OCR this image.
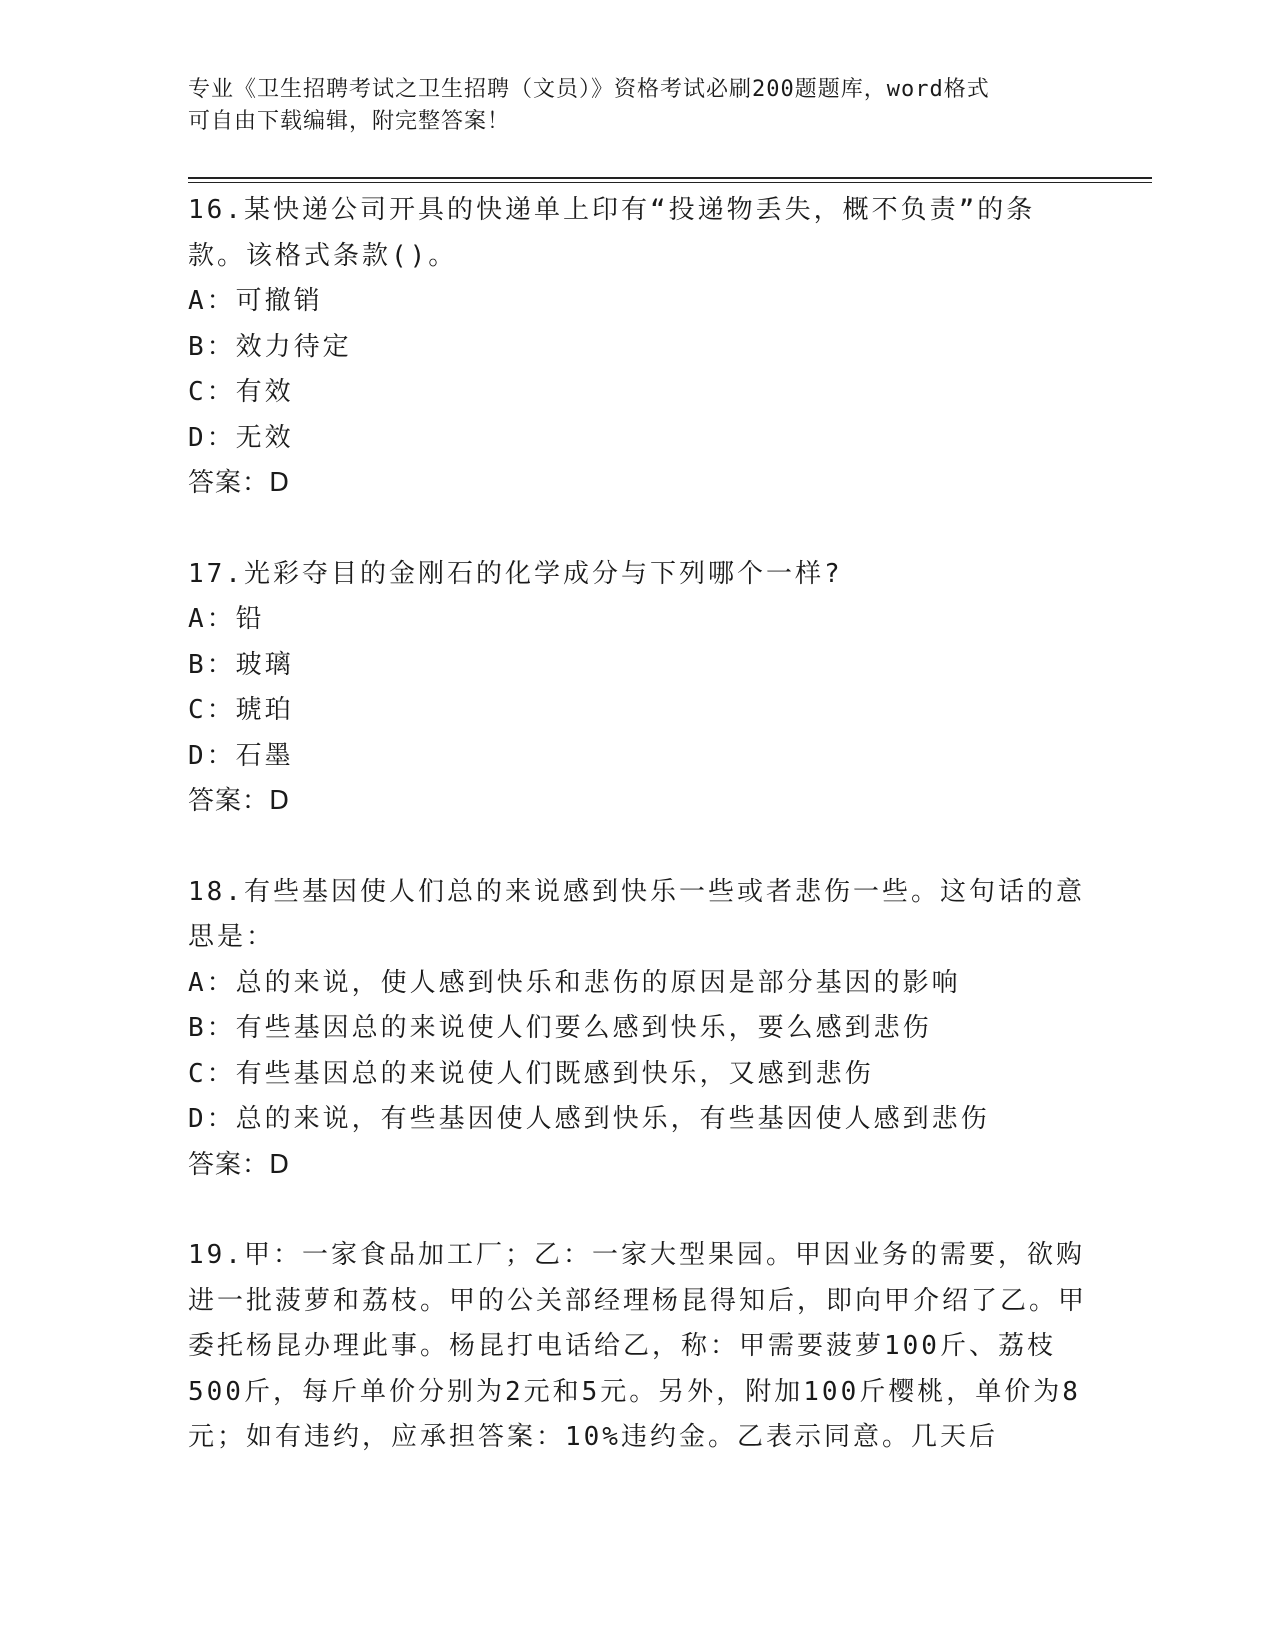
专业《卫生招聘考试之卫生招聘（文员）》资格考试必刷200题题库，word格式
可自由下载编辑，附完整答案！
16.某快递公司开具的快递单上印有“投递物丢失，概不负责”的条款。该格式条款()。
A：可撤销
B：效力待定
C：有效
D：无效
答案：D
17.光彩夺目的金刚石的化学成分与下列哪个一样?
A：铅
B：玻璃
C：琥珀
D：石墨
答案：D
18.有些基因使人们总的来说感到快乐一些或者悲伤一些。这句话的意思是：
A：总的来说，使人感到快乐和悲伤的原因是部分基因的影响
B：有些基因总的来说使人们要么感到快乐，要么感到悲伤
C：有些基因总的来说使人们既感到快乐，又感到悲伤
D：总的来说，有些基因使人感到快乐，有些基因使人感到悲伤
答案：D
19.甲：一家食品加工厂；乙：一家大型果园。甲因业务的需要，欲购进一批菠萝和荔枝。甲的公关部经理杨昆得知后，即向甲介绍了乙。甲委托杨昆办理此事。杨昆打电话给乙，称：甲需要菠萝100斤、荔枝500斤，每斤单价分别为2元和5元。另外，附加100斤樱桃，单价为8元；如有违约，应承担答案：10%违约金。乙表示同意。几天后
